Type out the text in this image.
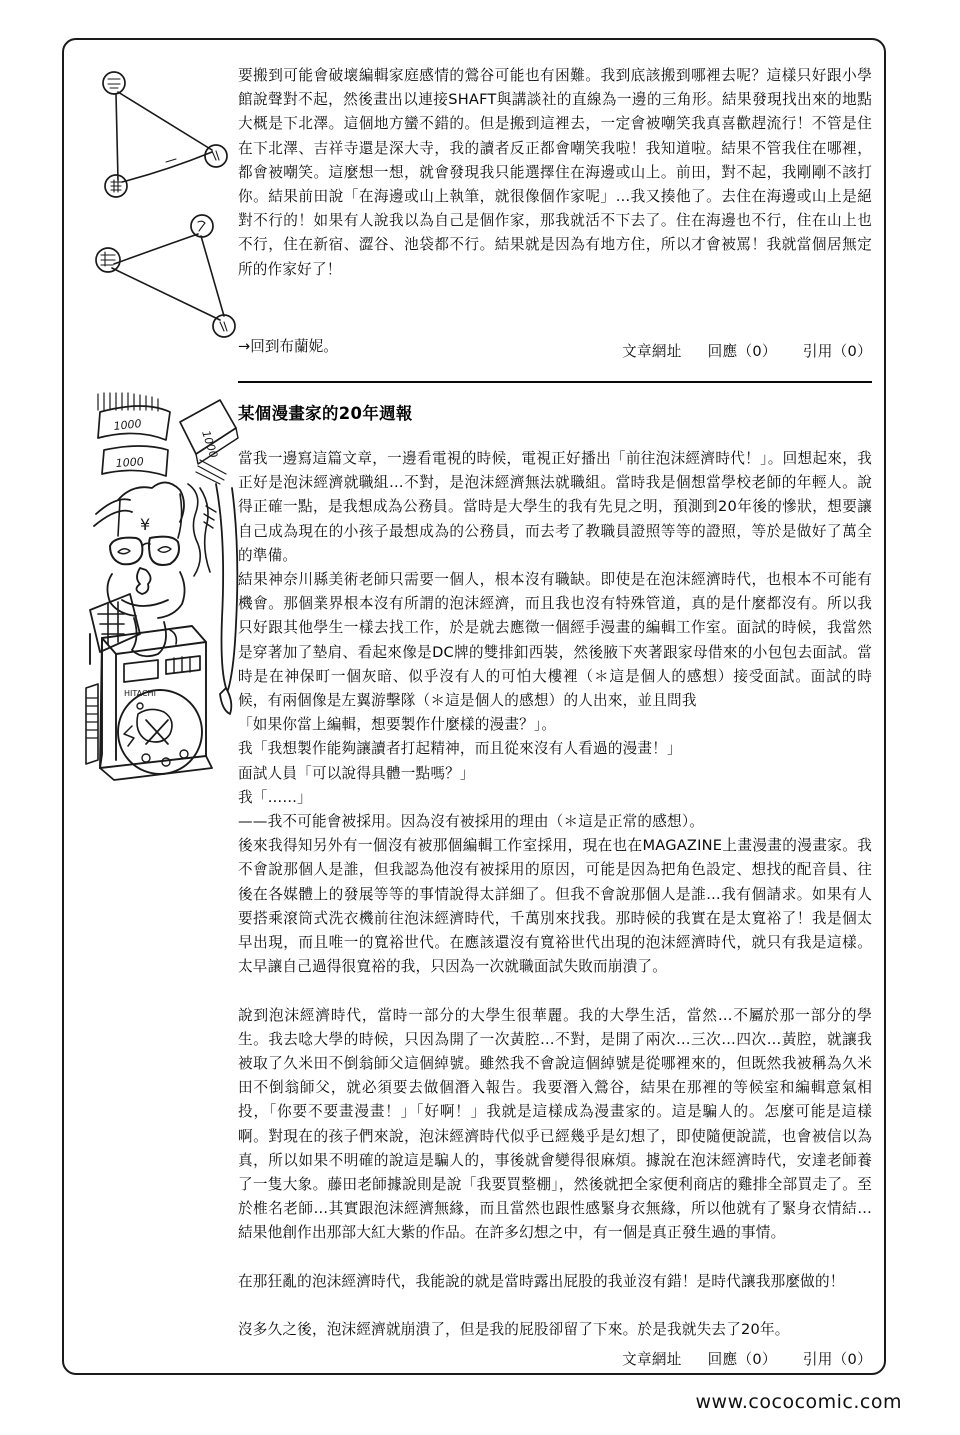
要搬到可能會破壞編輯家庭感情的鶯谷可能也有困難。我到底該搬到哪裡去呢？這樣只好跟小學館說聲對不起，然後畫出以連接SHAFT與講談社的直線為一邊的三角形。結果發現找出來的地點大概是下北澤。這個地方蠻不錯的。但是搬到這裡去，一定會被嘲笑我真喜歡趕流行！不管是住在下北澤、吉祥寺還是深大寺，我的讀者反正都會嘲笑我啦！我知道啦。結果不管我住在哪裡，都會被嘲笑。這麼想一想，就會發現我只能選擇住在海邊或山上。前田，對不起，我剛剛不該打你。結果前田說「在海邊或山上執筆，就很像個作家呢」…我又揍他了。去住在海邊或山上是絕對不行的！如果有人說我以為自己是個作家，那我就活不下去了。住在海邊也不行，住在山上也不行，住在新宿、澀谷、池袋都不行。結果就是因為有地方住，所以才會被罵！我就當個居無定所的作家好了！

→回到布蘭妮。	文章網址 回應（0） 引用（0）
某個漫畫家的20年週報
1000
1000
1000
¥
HITACHI

當我一邊寫這篇文章，一邊看電視的時候，電視正好播出「前往泡沫經濟時代！」。回想起來，我正好是泡沫經濟就職組…不對，是泡沫經濟無法就職組。當時我是個想當學校老師的年輕人。說得正確一點，是我想成為公務員。當時是大學生的我有先見之明，預測到20年後的慘狀，想要讓自己成為現在的小孩子最想成為的公務員，而去考了教職員證照等等的證照，等於是做好了萬全的準備。

結果神奈川縣美術老師只需要一個人，根本沒有職缺。即使是在泡沫經濟時代，也根本不可能有機會。那個業界根本沒有所謂的泡沫經濟，而且我也沒有特殊管道，真的是什麼都沒有。所以我只好跟其他學生一樣去找工作，於是就去應徵一個經手漫畫的編輯工作室。面試的時候，我當然是穿著加了墊肩、看起來像是DC牌的雙排釦西裝，然後腋下夾著跟家母借來的小包包去面試。當時是在神保町一個灰暗、似乎沒有人的可怕大樓裡（＊這是個人的感想）接受面試。面試的時候，有兩個像是左翼游擊隊（＊這是個人的感想）的人出來，並且問我

「如果你當上編輯，想要製作什麼樣的漫畫？」。

我「我想製作能夠讓讀者打起精神，而且從來沒有人看過的漫畫！」

面試人員「可以說得具體一點嗎？」

我「……」

——我不可能會被採用。因為沒有被採用的理由（＊這是正常的感想）。

後來我得知另外有一個沒有被那個編輯工作室採用，現在也在MAGAZINE上畫漫畫的漫畫家。我不會說那個人是誰，但我認為他沒有被採用的原因，可能是因為把角色設定、想找的配音員、往後在各媒體上的發展等等的事情說得太詳細了。但我不會說那個人是誰…我有個請求。如果有人要搭乘滾筒式洗衣機前往泡沫經濟時代，千萬別來找我。那時候的我實在是太寬裕了！我是個太早出現，而且唯一的寬裕世代。在應該還沒有寬裕世代出現的泡沫經濟時代，就只有我是這樣。太早讓自己過得很寬裕的我，只因為一次就職面試失敗而崩潰了。

說到泡沫經濟時代，當時一部分的大學生很華麗。我的大學生活，當然…不屬於那一部分的學生。我去唸大學的時候，只因為開了一次黃腔…不對，是開了兩次…三次…四次…黃腔，就讓我被取了久米田不倒翁師父這個綽號。雖然我不會說這個綽號是從哪裡來的，但既然我被稱為久米田不倒翁師父，就必須要去做個潛入報告。我要潛入鶯谷，結果在那裡的等候室和編輯意氣相投，「你要不要畫漫畫！」「好啊！」我就是這樣成為漫畫家的。這是騙人的。怎麼可能是這樣啊。對現在的孩子們來說，泡沫經濟時代似乎已經幾乎是幻想了，即使隨便說謊，也會被信以為真，所以如果不明確的說這是騙人的，事後就會變得很麻煩。據說在泡沫經濟時代，安達老師養了一隻大象。藤田老師據說則是說「我要買整棚」，然後就把全家便利商店的雞排全部買走了。至於椎名老師…其實跟泡沫經濟無緣，而且當然也跟性感緊身衣無緣，所以他就有了緊身衣情結…結果他創作出那部大紅大紫的作品。在許多幻想之中，有一個是真正發生過的事情。

在那狂亂的泡沫經濟時代，我能說的就是當時露出屁股的我並沒有錯！是時代讓我那麼做的！

沒多久之後，泡沫經濟就崩潰了，但是我的屁股卻留了下來。於是我就失去了20年。

文章網址 回應（0） 引用（0）
www.cococomic.com
